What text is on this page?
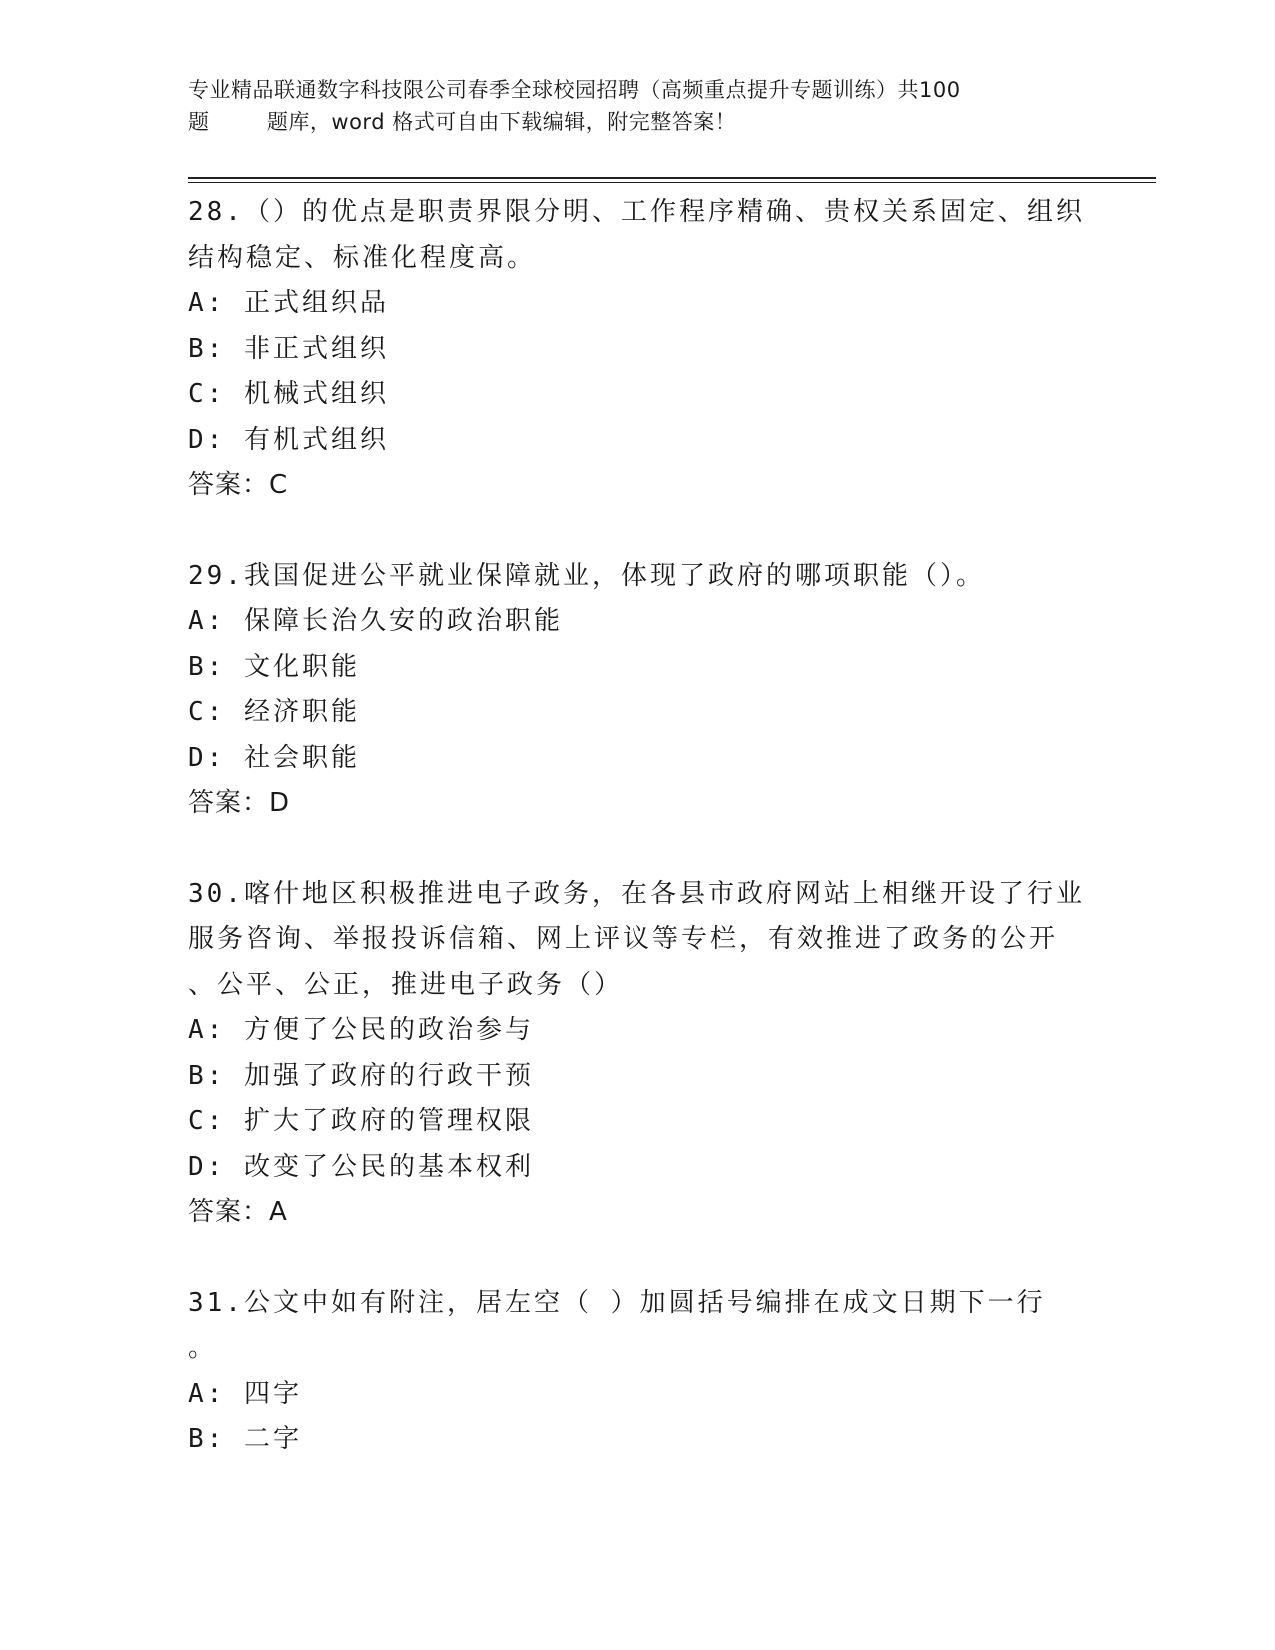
专业精品联通数字科技限公司春季全球校园招聘（高频重点提升专题训练）共100
题        题库，word 格式可自由下载编辑，附完整答案！
28.（）的优点是职责界限分明、工作程序精确、贵权关系固定、组织
结构稳定、标准化程度高。
A: 正式组织品
B: 非正式组织
C: 机械式组织
D: 有机式组织
答案：C
29.我国促进公平就业保障就业，体现了政府的哪项职能（）。
A: 保障长治久安的政治职能
B: 文化职能
C: 经济职能
D: 社会职能
答案：D
30.喀什地区积极推进电子政务，在各县市政府网站上相继开设了行业
服务咨询、举报投诉信箱、网上评议等专栏，有效推进了政务的公开
、公平、公正，推进电子政务（）
A: 方便了公民的政治参与
B: 加强了政府的行政干预
C: 扩大了政府的管理权限
D: 改变了公民的基本权利
答案：A
31.公文中如有附注，居左空（ ）加圆括号编排在成文日期下一行
。
A: 四字
B: 二字
